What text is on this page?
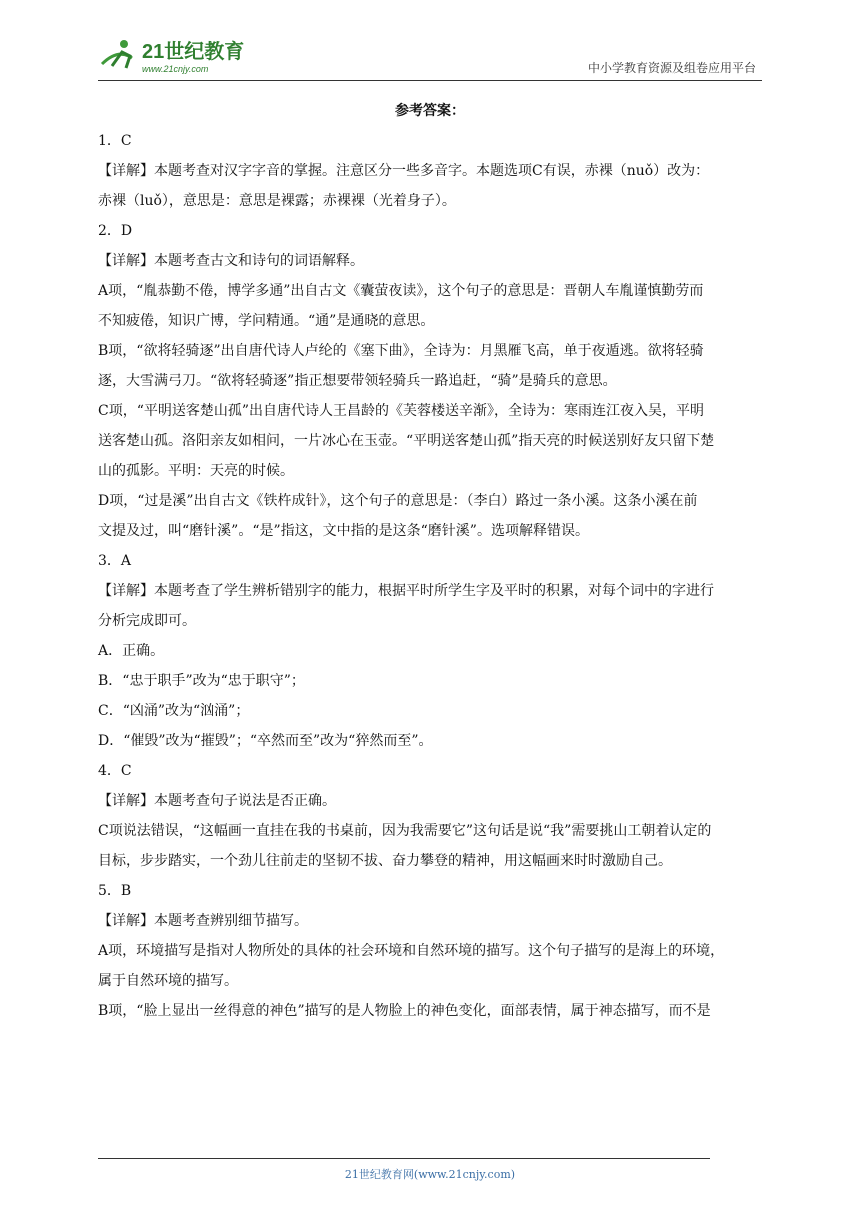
21世纪教育
www.21cnjy.com	中小学教育资源及组卷应用平台

参考答案：

1．C

【详解】本题考查对汉字字音的掌握。注意区分一些多音字。本题选项C有误，赤裸（nuǒ）改为：

赤裸（luǒ），意思是：意思是裸露；赤裸裸（光着身子）。

2．D

【详解】本题考查古文和诗句的词语解释。

A项，“胤恭勤不倦，博学多通”出自古文《囊萤夜读》，这个句子的意思是：晋朝人车胤谨慎勤劳而

不知疲倦，知识广博，学问精通。“通”是通晓的意思。

B项，“欲将轻骑逐”出自唐代诗人卢纶的《塞下曲》，全诗为：月黑雁飞高，单于夜遁逃。欲将轻骑

逐，大雪满弓刀。“欲将轻骑逐”指正想要带领轻骑兵一路追赶，“骑”是骑兵的意思。

C项，“平明送客楚山孤”出自唐代诗人王昌龄的《芙蓉楼送辛渐》，全诗为：寒雨连江夜入吴，平明

送客楚山孤。洛阳亲友如相问，一片冰心在玉壶。“平明送客楚山孤”指天亮的时候送别好友只留下楚

山的孤影。平明：天亮的时候。

D项，“过是溪”出自古文《铁杵成针》，这个句子的意思是：（李白）路过一条小溪。这条小溪在前

文提及过，叫“磨针溪”。“是”指这，文中指的是这条“磨针溪”。选项解释错误。

3．A

【详解】本题考查了学生辨析错别字的能力，根据平时所学生字及平时的积累，对每个词中的字进行

分析完成即可。

A．正确。

B．“忠于职手”改为“忠于职守”；

C．“凶涌”改为“汹涌”；

D．“催毁”改为“摧毁”；“卒然而至”改为“猝然而至”。

4．C

【详解】本题考查句子说法是否正确。

C项说法错误，“这幅画一直挂在我的书桌前，因为我需要它”这句话是说“我”需要挑山工朝着认定的

目标，步步踏实，一个劲儿往前走的坚韧不拔、奋力攀登的精神，用这幅画来时时激励自己。

5．B

【详解】本题考查辨别细节描写。

A项，环境描写是指对人物所处的具体的社会环境和自然环境的描写。这个句子描写的是海上的环境，

属于自然环境的描写。

B项，“脸上显出一丝得意的神色”描写的是人物脸上的神色变化，面部表情，属于神态描写，而不是

21世纪教育网(www.21cnjy.com)
